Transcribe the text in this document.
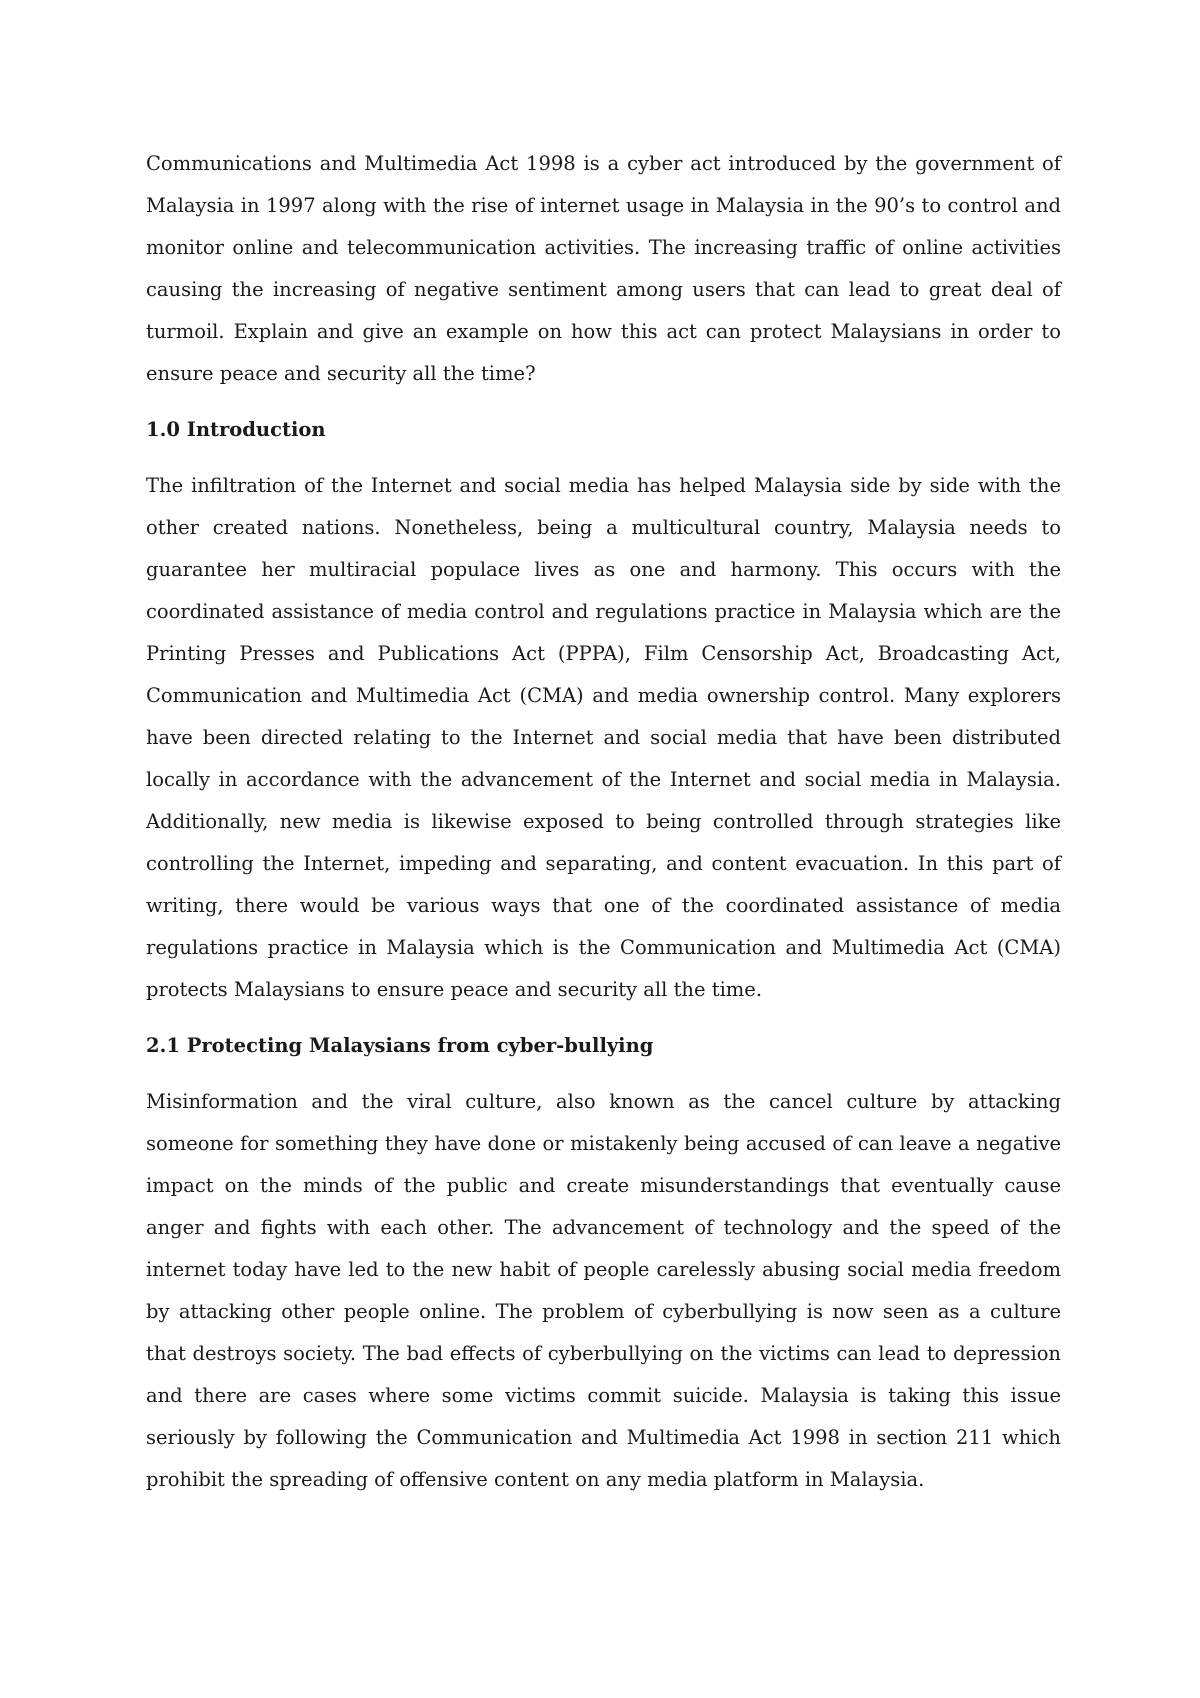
Communications and Multimedia Act 1998 is a cyber act introduced by the government of Malaysia in 1997 along with the rise of internet usage in Malaysia in the 90’s to control and monitor online and telecommunication activities. The increasing traffic of online activities causing the increasing of negative sentiment among users that can lead to great deal of turmoil. Explain and give an example on how this act can protect Malaysians in order to ensure peace and security all the time?

1.0 Introduction

The infiltration of the Internet and social media has helped Malaysia side by side with the other created nations. Nonetheless, being a multicultural country, Malaysia needs to guarantee her multiracial populace lives as one and harmony. This occurs with the coordinated assistance of media control and regulations practice in Malaysia which are the Printing Presses and Publications Act (PPPA), Film Censorship Act, Broadcasting Act, Communication and Multimedia Act (CMA) and media ownership control. Many explorers have been directed relating to the Internet and social media that have been distributed locally in accordance with the advancement of the Internet and social media in Malaysia. Additionally, new media is likewise exposed to being controlled through strategies like controlling the Internet, impeding and separating, and content evacuation. In this part of writing, there would be various ways that one of the coordinated assistance of media regulations practice in Malaysia which is the Communication and Multimedia Act (CMA) protects Malaysians to ensure peace and security all the time.

2.1 Protecting Malaysians from cyber-bullying

Misinformation and the viral culture, also known as the cancel culture by attacking someone for something they have done or mistakenly being accused of can leave a negative impact on the minds of the public and create misunderstandings that eventually cause anger and fights with each other. The advancement of technology and the speed of the internet today have led to the new habit of people carelessly abusing social media freedom by attacking other people online. The problem of cyberbullying is now seen as a culture that destroys society. The bad effects of cyberbullying on the victims can lead to depression and there are cases where some victims commit suicide. Malaysia is taking this issue seriously by following the Communication and Multimedia Act 1998 in section 211 which prohibit the spreading of offensive content on any media platform in Malaysia.
